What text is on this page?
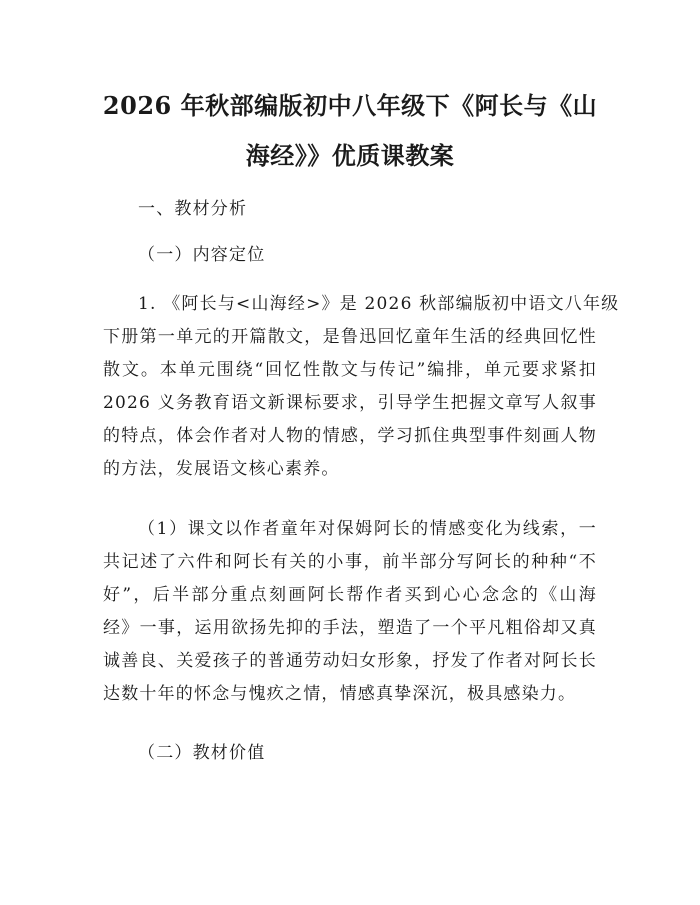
2026 年秋部编版初中八年级下《阿长与《山
海经》》优质课教案
一、教材分析
（一）内容定位
1. 《阿长与<山海经>》是 2026 秋部编版初中语文八年级
下册第一单元的开篇散文，是鲁迅回忆童年生活的经典回忆性
散文。本单元围绕“回忆性散文与传记”编排，单元要求紧扣
2026 义务教育语文新课标要求，引导学生把握文章写人叙事
的特点，体会作者对人物的情感，学习抓住典型事件刻画人物
的方法，发展语文核心素养。
（1）课文以作者童年对保姆阿长的情感变化为线索，一
共记述了六件和阿长有关的小事，前半部分写阿长的种种“不
好”，后半部分重点刻画阿长帮作者买到心心念念的《山海
经》一事，运用欲扬先抑的手法，塑造了一个平凡粗俗却又真
诚善良、关爱孩子的普通劳动妇女形象，抒发了作者对阿长长
达数十年的怀念与愧疚之情，情感真挚深沉，极具感染力。
（二）教材价值
